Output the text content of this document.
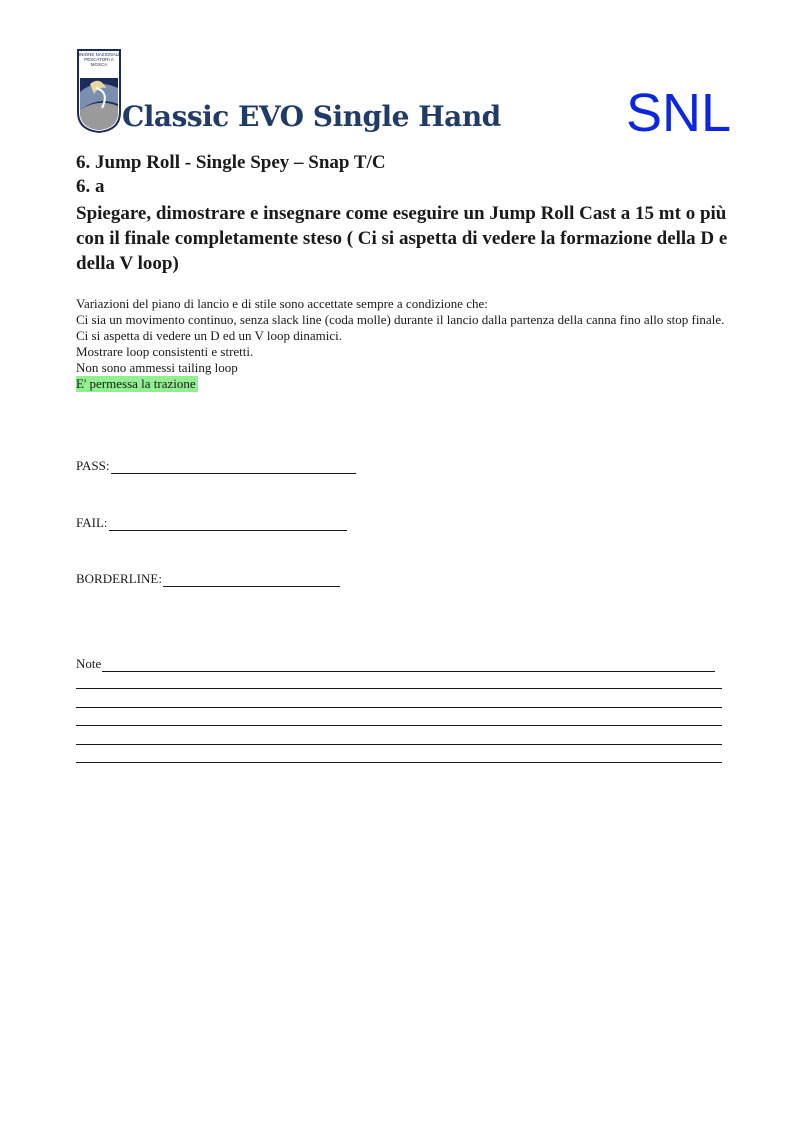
UNIONE NAZIONALE
PESCATORI A MOSCA
Classic EVO Single Hand SNL
6. Jump Roll - Single Spey – Snap T/C
6. a
Spiegare, dimostrare e insegnare come eseguire un Jump Roll Cast a 15 mt o più con il finale completamente steso ( Ci si aspetta di vedere la formazione della D e della V loop)
Variazioni del piano di lancio e di stile sono accettate sempre a condizione che:
Ci sia un movimento continuo, senza slack line (coda molle) durante il lancio dalla partenza della canna fino allo stop finale.
Ci si aspetta di vedere un D ed un V loop dinamici.
Mostrare loop consistenti e stretti.
Non sono ammessi tailing loop
E' permessa la trazione
PASS:
FAIL:
BORDERLINE:
Note
